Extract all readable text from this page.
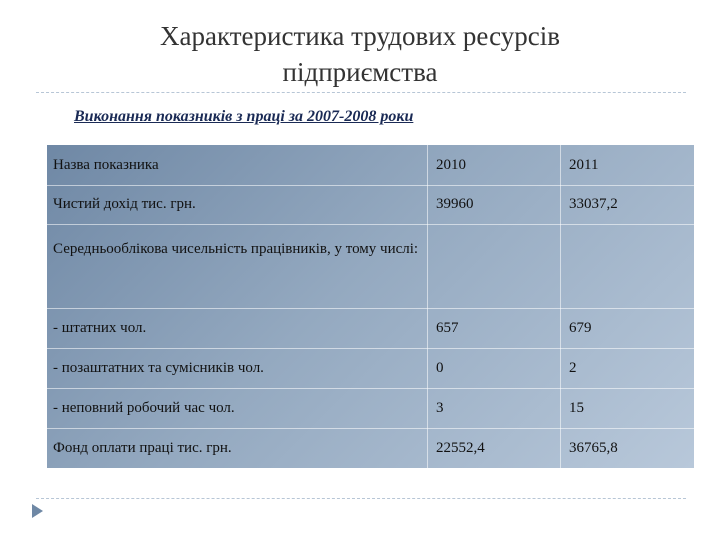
Характеристика трудових ресурсів
підприємства
Виконання показників з праці за 2007-2008 роки
Назва показника	2010	2011
Чистий дохід тис. грн.	39960	33037,2
Середньооблікова чисельність працівників, у тому числі:
- штатних чол.	657	679
- позаштатних та сумісників чол.	0	2
- неповний робочий час чол.	3	15
Фонд оплати праці тис. грн.	22552,4	36765,8
